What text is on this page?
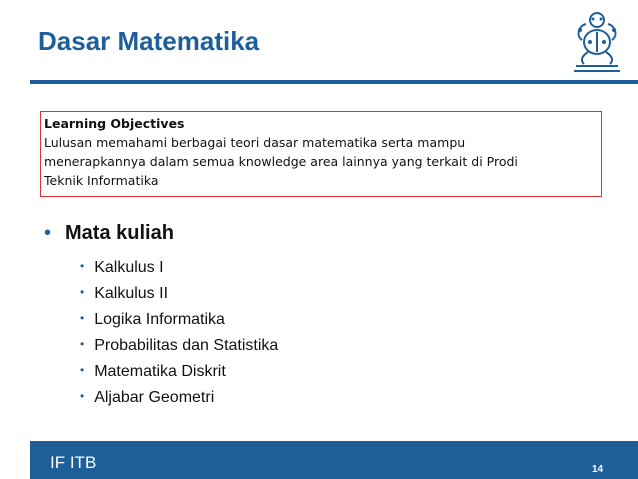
Dasar Matematika
Learning Objectives
Lulusan memahami berbagai teori dasar matematika serta mampu
menerapkannya dalam semua knowledge area lainnya yang terkait di Prodi
Teknik Informatika
• Mata kuliah
• Kalkulus I
• Kalkulus II
• Logika Informatika
• Probabilitas dan Statistika
• Matematika Diskrit
• Aljabar Geometri
IF ITB	14
